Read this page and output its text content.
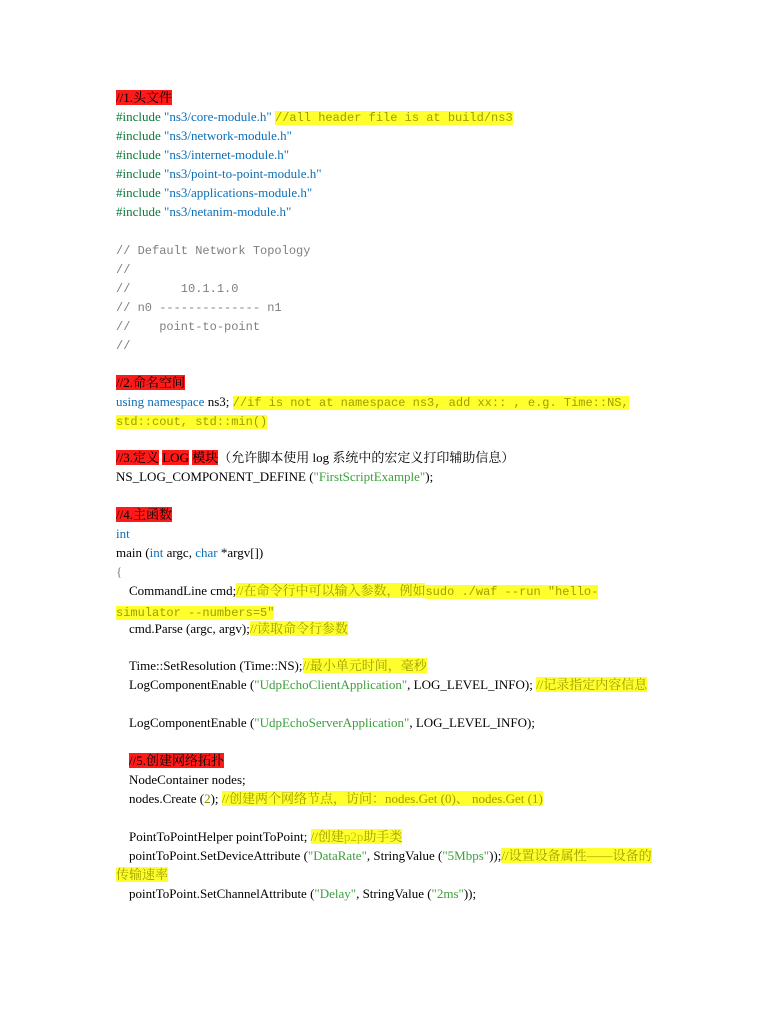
//1.头文件
#include "ns3/core-module.h" //all header file is at build/ns3
#include "ns3/network-module.h"
#include "ns3/internet-module.h"
#include "ns3/point-to-point-module.h"
#include "ns3/applications-module.h"
#include "ns3/netanim-module.h"
// Default Network Topology
//
//       10.1.1.0
// n0 -------------- n1
//    point-to-point
//
//2.命名空间
using namespace ns3; //if is not at namespace ns3, add xx:: , e.g. Time::NS, std::cout, std::min()
//3.定义 LOG 模块（允许脚本使用 log 系统中的宏定义打印辅助信息）
NS_LOG_COMPONENT_DEFINE ("FirstScriptExample");
//4.主函数
int
main (int argc, char *argv[])
{
CommandLine cmd;//在命令行中可以输入参数，例如sudo ./waf --run "hello-simulator --numbers=5"
cmd.Parse (argc, argv);//读取命令行参数
Time::SetResolution (Time::NS);//最小单元时间，毫秒
LogComponentEnable ("UdpEchoClientApplication", LOG_LEVEL_INFO); //记录指定内容信息
LogComponentEnable ("UdpEchoServerApplication", LOG_LEVEL_INFO);
//5.创建网络拓扑
NodeContainer nodes;
nodes.Create (2); //创建两个网络节点，访问：nodes.Get (0)、 nodes.Get (1)
PointToPointHelper pointToPoint; //创建p2p助手类
pointToPoint.SetDeviceAttribute ("DataRate", StringValue ("5Mbps"));//设置设备属性——设备的传输速率
pointToPoint.SetChannelAttribute ("Delay", StringValue ("2ms"));
